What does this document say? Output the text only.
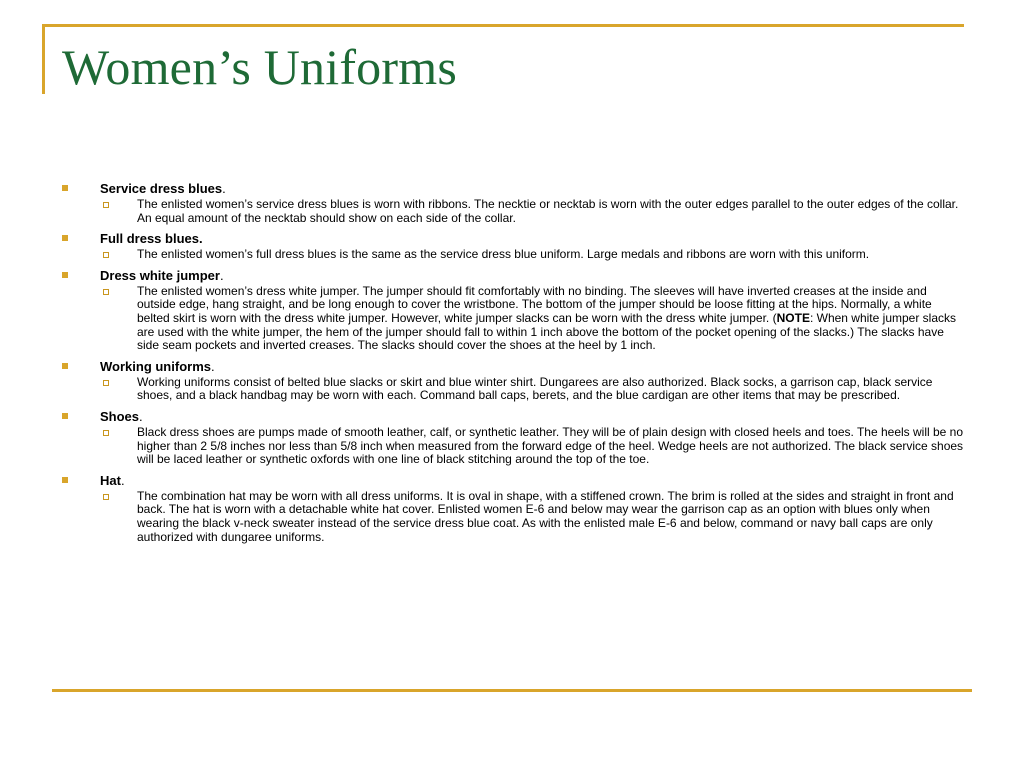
Women’s Uniforms
Service dress blues.
The enlisted women’s service dress blues is worn with ribbons. The necktie or necktab is worn with the outer edges parallel to the outer edges of the collar. An equal amount of the necktab should show on each side of the collar.
Full dress blues.
The enlisted women’s full dress blues is the same as the service dress blue uniform. Large medals and ribbons are worn with this uniform.
Dress white jumper.
The enlisted women’s dress white jumper. The jumper should fit comfortably with no binding. The sleeves will have inverted creases at the inside and outside edge, hang straight, and be long enough to cover the wristbone. The bottom of the jumper should be loose fitting at the hips. Normally, a white belted skirt is worn with the dress white jumper. However, white jumper slacks can be worn with the dress white jumper. (NOTE: When white jumper slacks are used with the white jumper, the hem of the jumper should fall to within 1 inch above the bottom of the pocket opening of the slacks.) The slacks have side seam pockets and inverted creases. The slacks should cover the shoes at the heel by 1 inch.
Working uniforms.
Working uniforms consist of belted blue slacks or skirt and blue winter shirt. Dungarees are also authorized. Black socks, a garrison cap, black service shoes, and a black handbag may be worn with each. Command ball caps, berets, and the blue cardigan are other items that may be prescribed.
Shoes.
Black dress shoes are pumps made of smooth leather, calf, or synthetic leather. They will be of plain design with closed heels and toes. The heels will be no higher than 2 5/8 inches nor less than 5/8 inch when measured from the forward edge of the heel. Wedge heels are not authorized. The black service shoes will be laced leather or synthetic oxfords with one line of black stitching around the top of the toe.
Hat.
The combination hat may be worn with all dress uniforms. It is oval in shape, with a stiffened crown. The brim is rolled at the sides and straight in front and back. The hat is worn with a detachable white hat cover. Enlisted women E-6 and below may wear the garrison cap as an option with blues only when wearing the black v-neck sweater instead of the service dress blue coat. As with the enlisted male E-6 and below, command or navy ball caps are only authorized with dungaree uniforms.
